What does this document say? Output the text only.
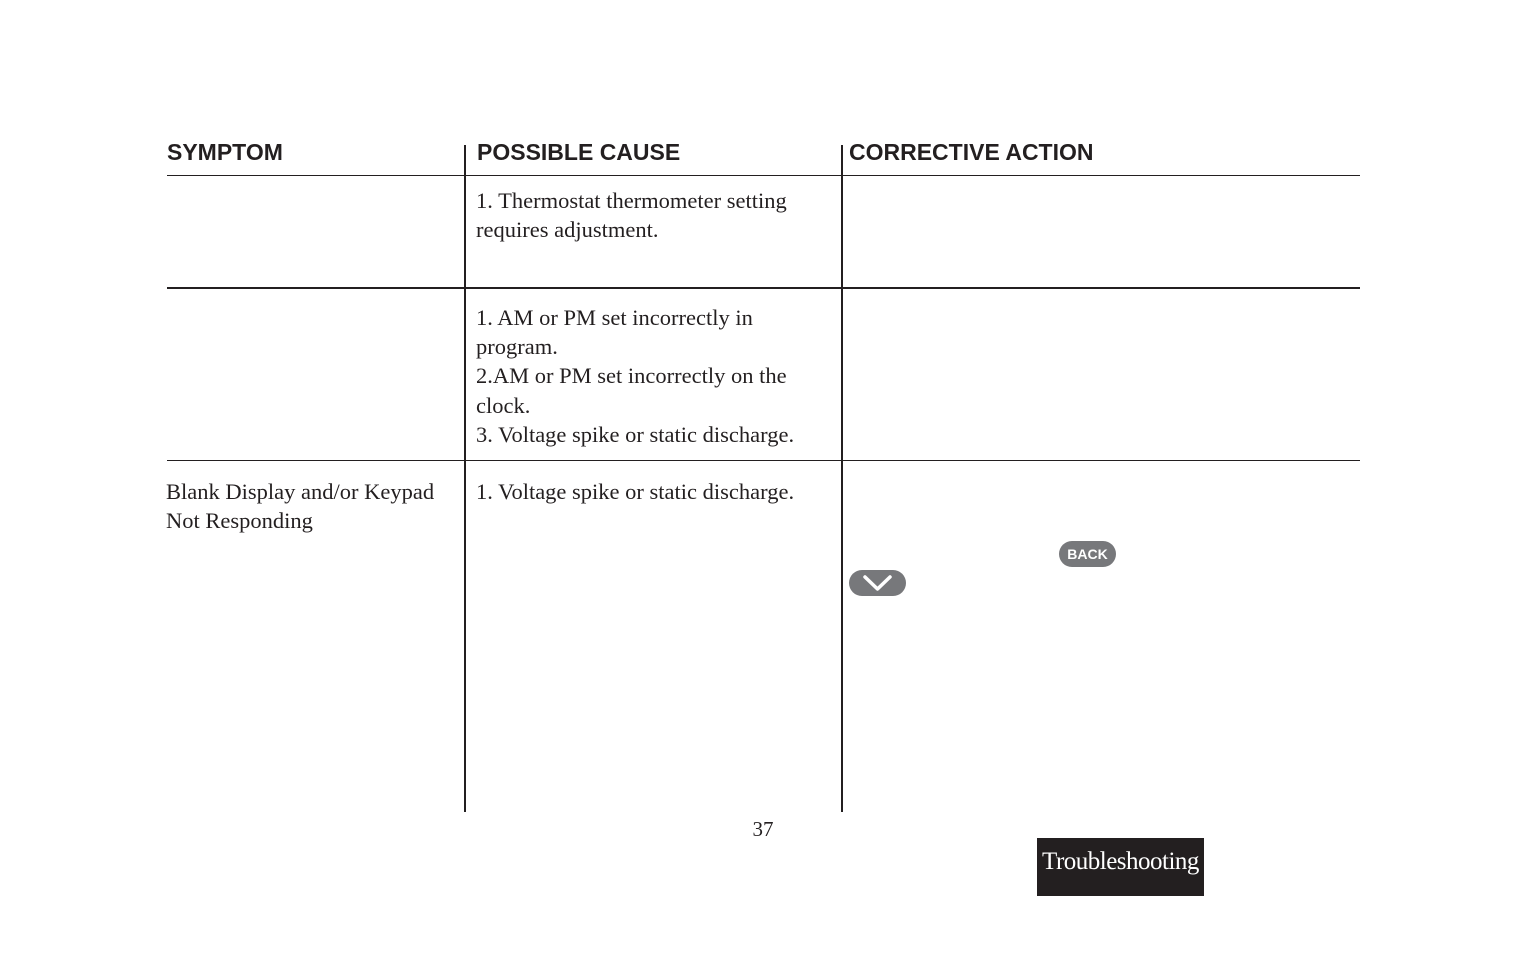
SYMPTOM	POSSIBLE CAUSE	CORRECTIVE ACTION
1. Thermostat thermometer setting
requires adjustment.
1. AM or PM set incorrectly in
program.
2.AM or PM set incorrectly on the
clock.
3. Voltage spike or static discharge.
Blank Display and/or Keypad
Not Responding
1. Voltage spike or static discharge.
BACK
37
Troubleshooting
